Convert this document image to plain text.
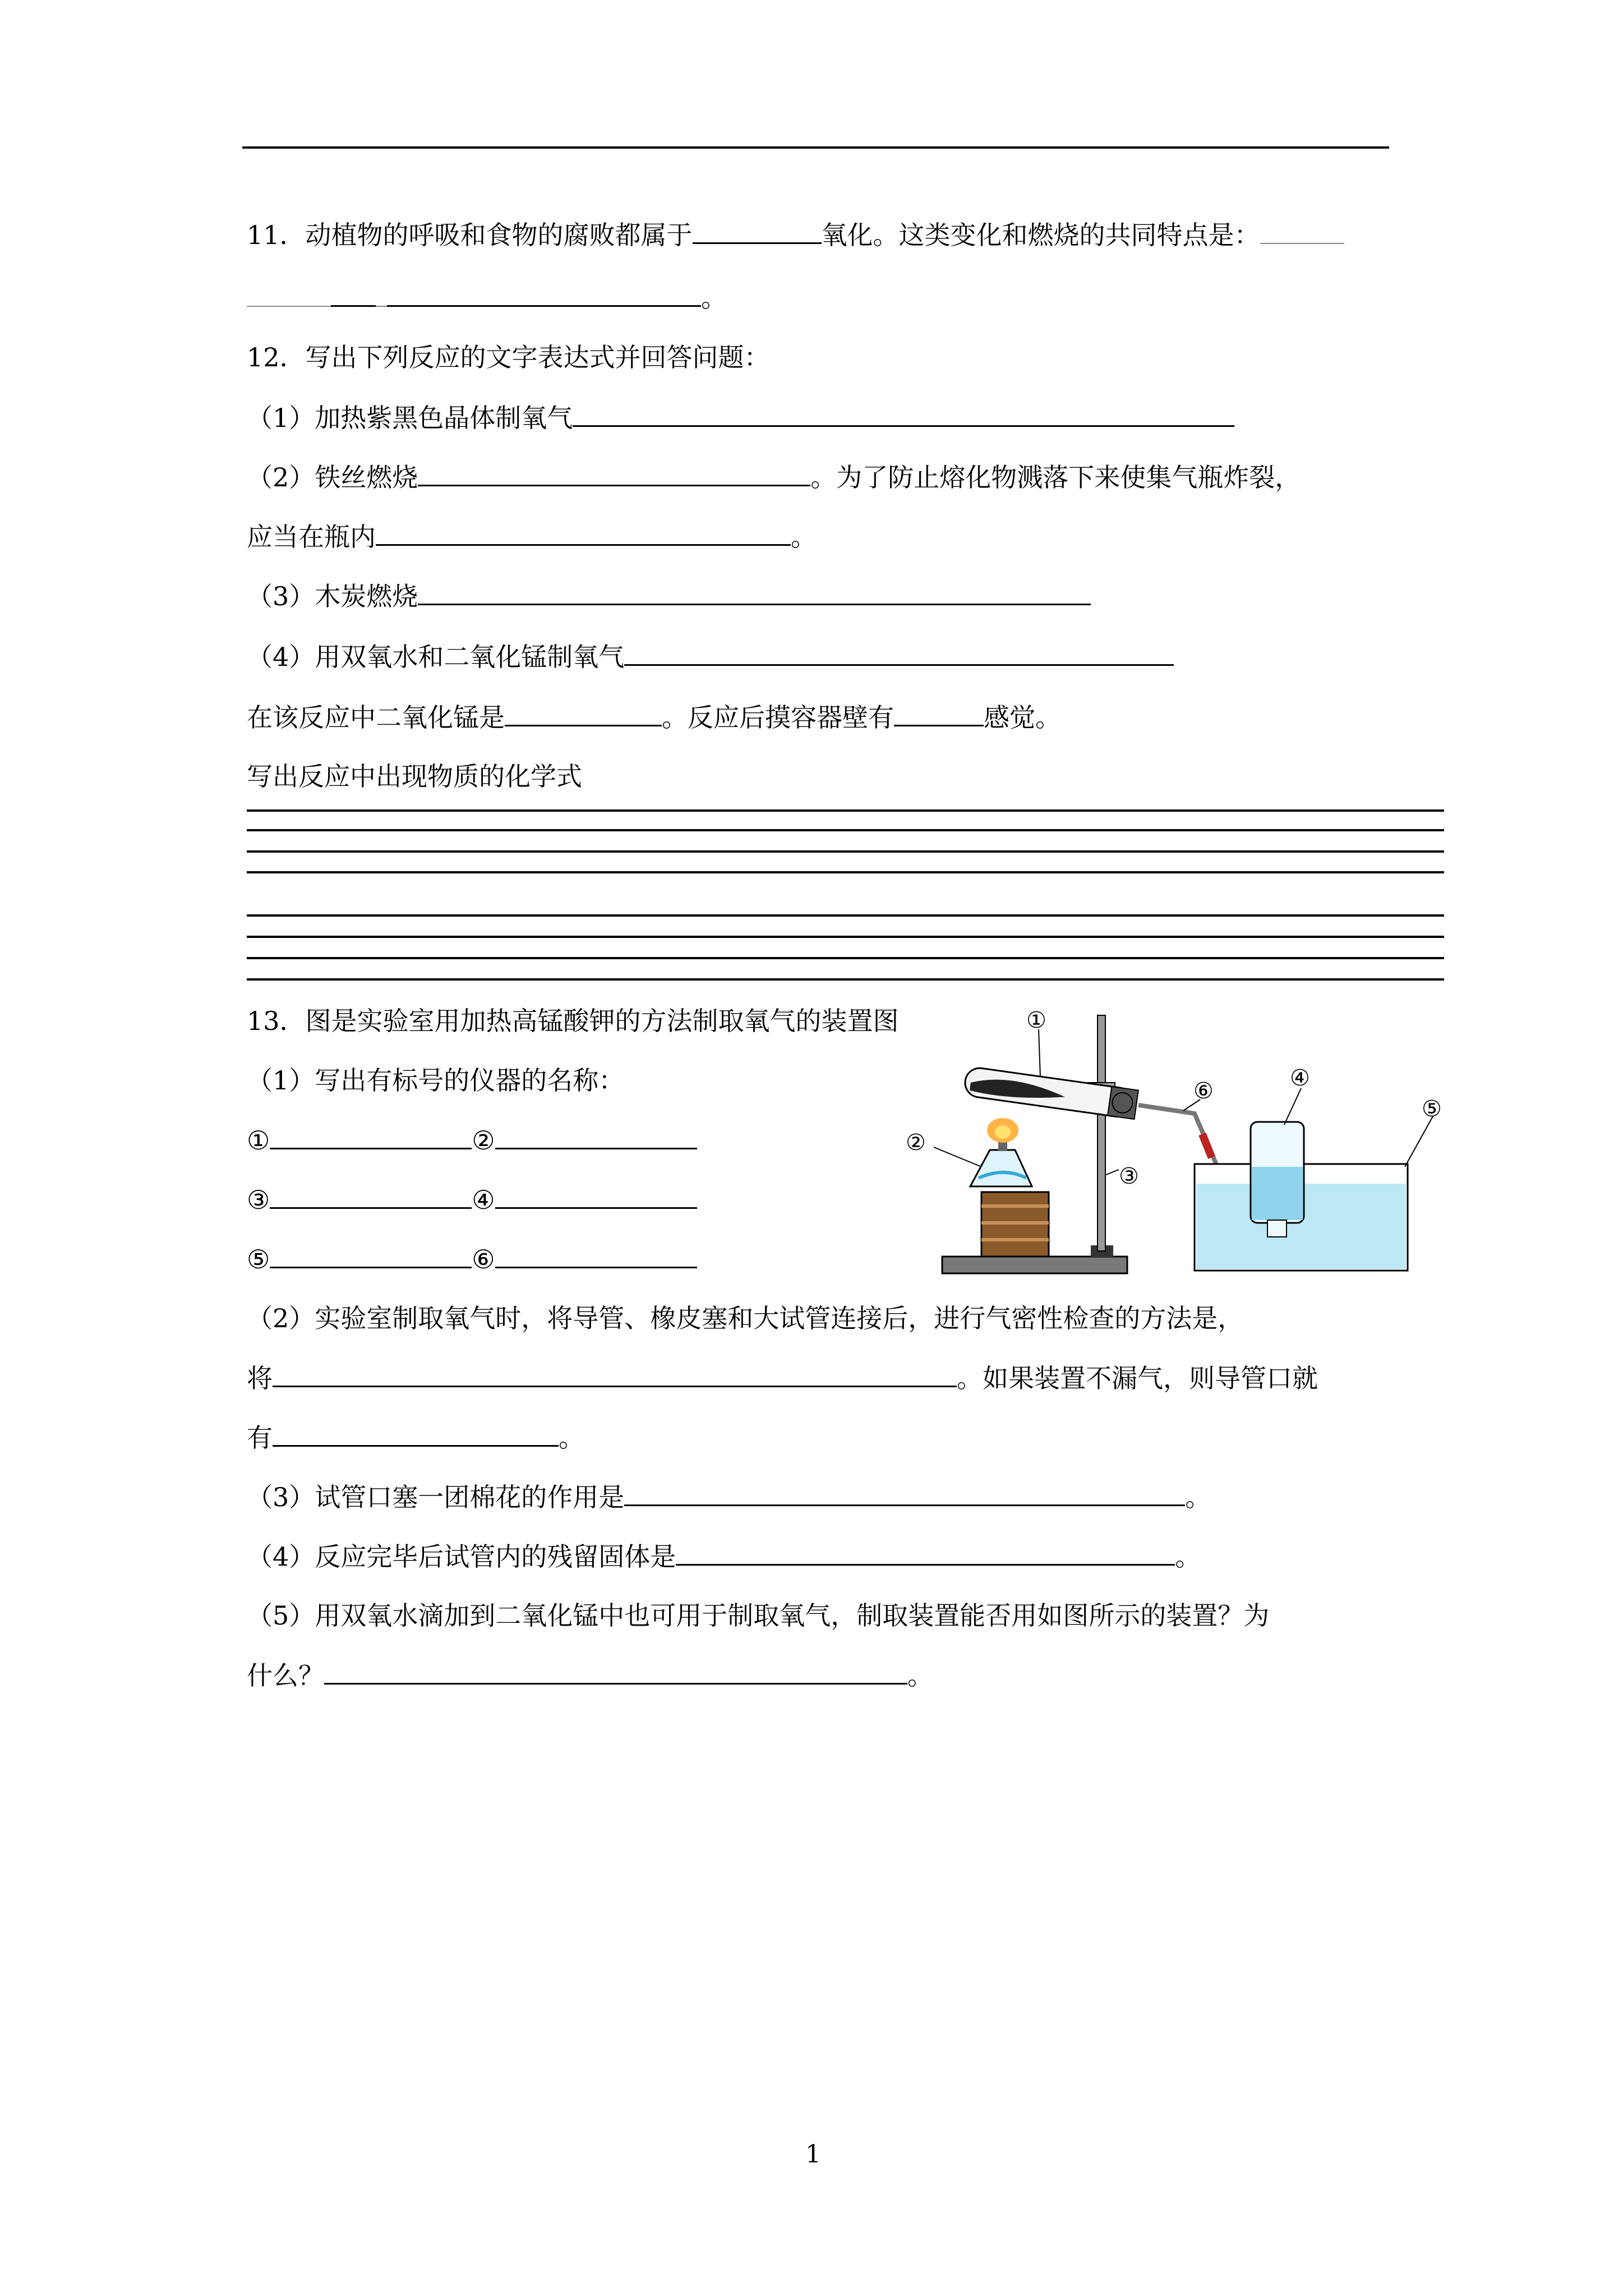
11．动植物的呼吸和食物的腐败都属于	氧化。这类变化和燃烧的共同特点是：
。
12．写出下列反应的文字表达式并回答问题：
（1）加热紫黑色晶体制氧气
（2）铁丝燃烧	。为了防止熔化物溅落下来使集气瓶炸裂，
应当在瓶内	。
（3）木炭燃烧
（4）用双氧水和二氧化锰制氧气
在该反应中二氧化锰是	。反应后摸容器壁有	感觉。
写出反应中出现物质的化学式
13．图是实验室用加热高锰酸钾的方法制取氧气的装置图
（1）写出有标号的仪器的名称：
①	②
③	④
⑤	⑥
（2）实验室制取氧气时，将导管、橡皮塞和大试管连接后，进行气密性检查的方法是，
将	。如果装置不漏气，则导管口就
有	。
（3）试管口塞一团棉花的作用是	。
（4）反应完毕后试管内的残留固体是	。
（5）用双氧水滴加到二氧化锰中也可用于制取氧气，制取装置能否用如图所示的装置？为
什么？	。
①
②
③
④
⑤
⑥
1
